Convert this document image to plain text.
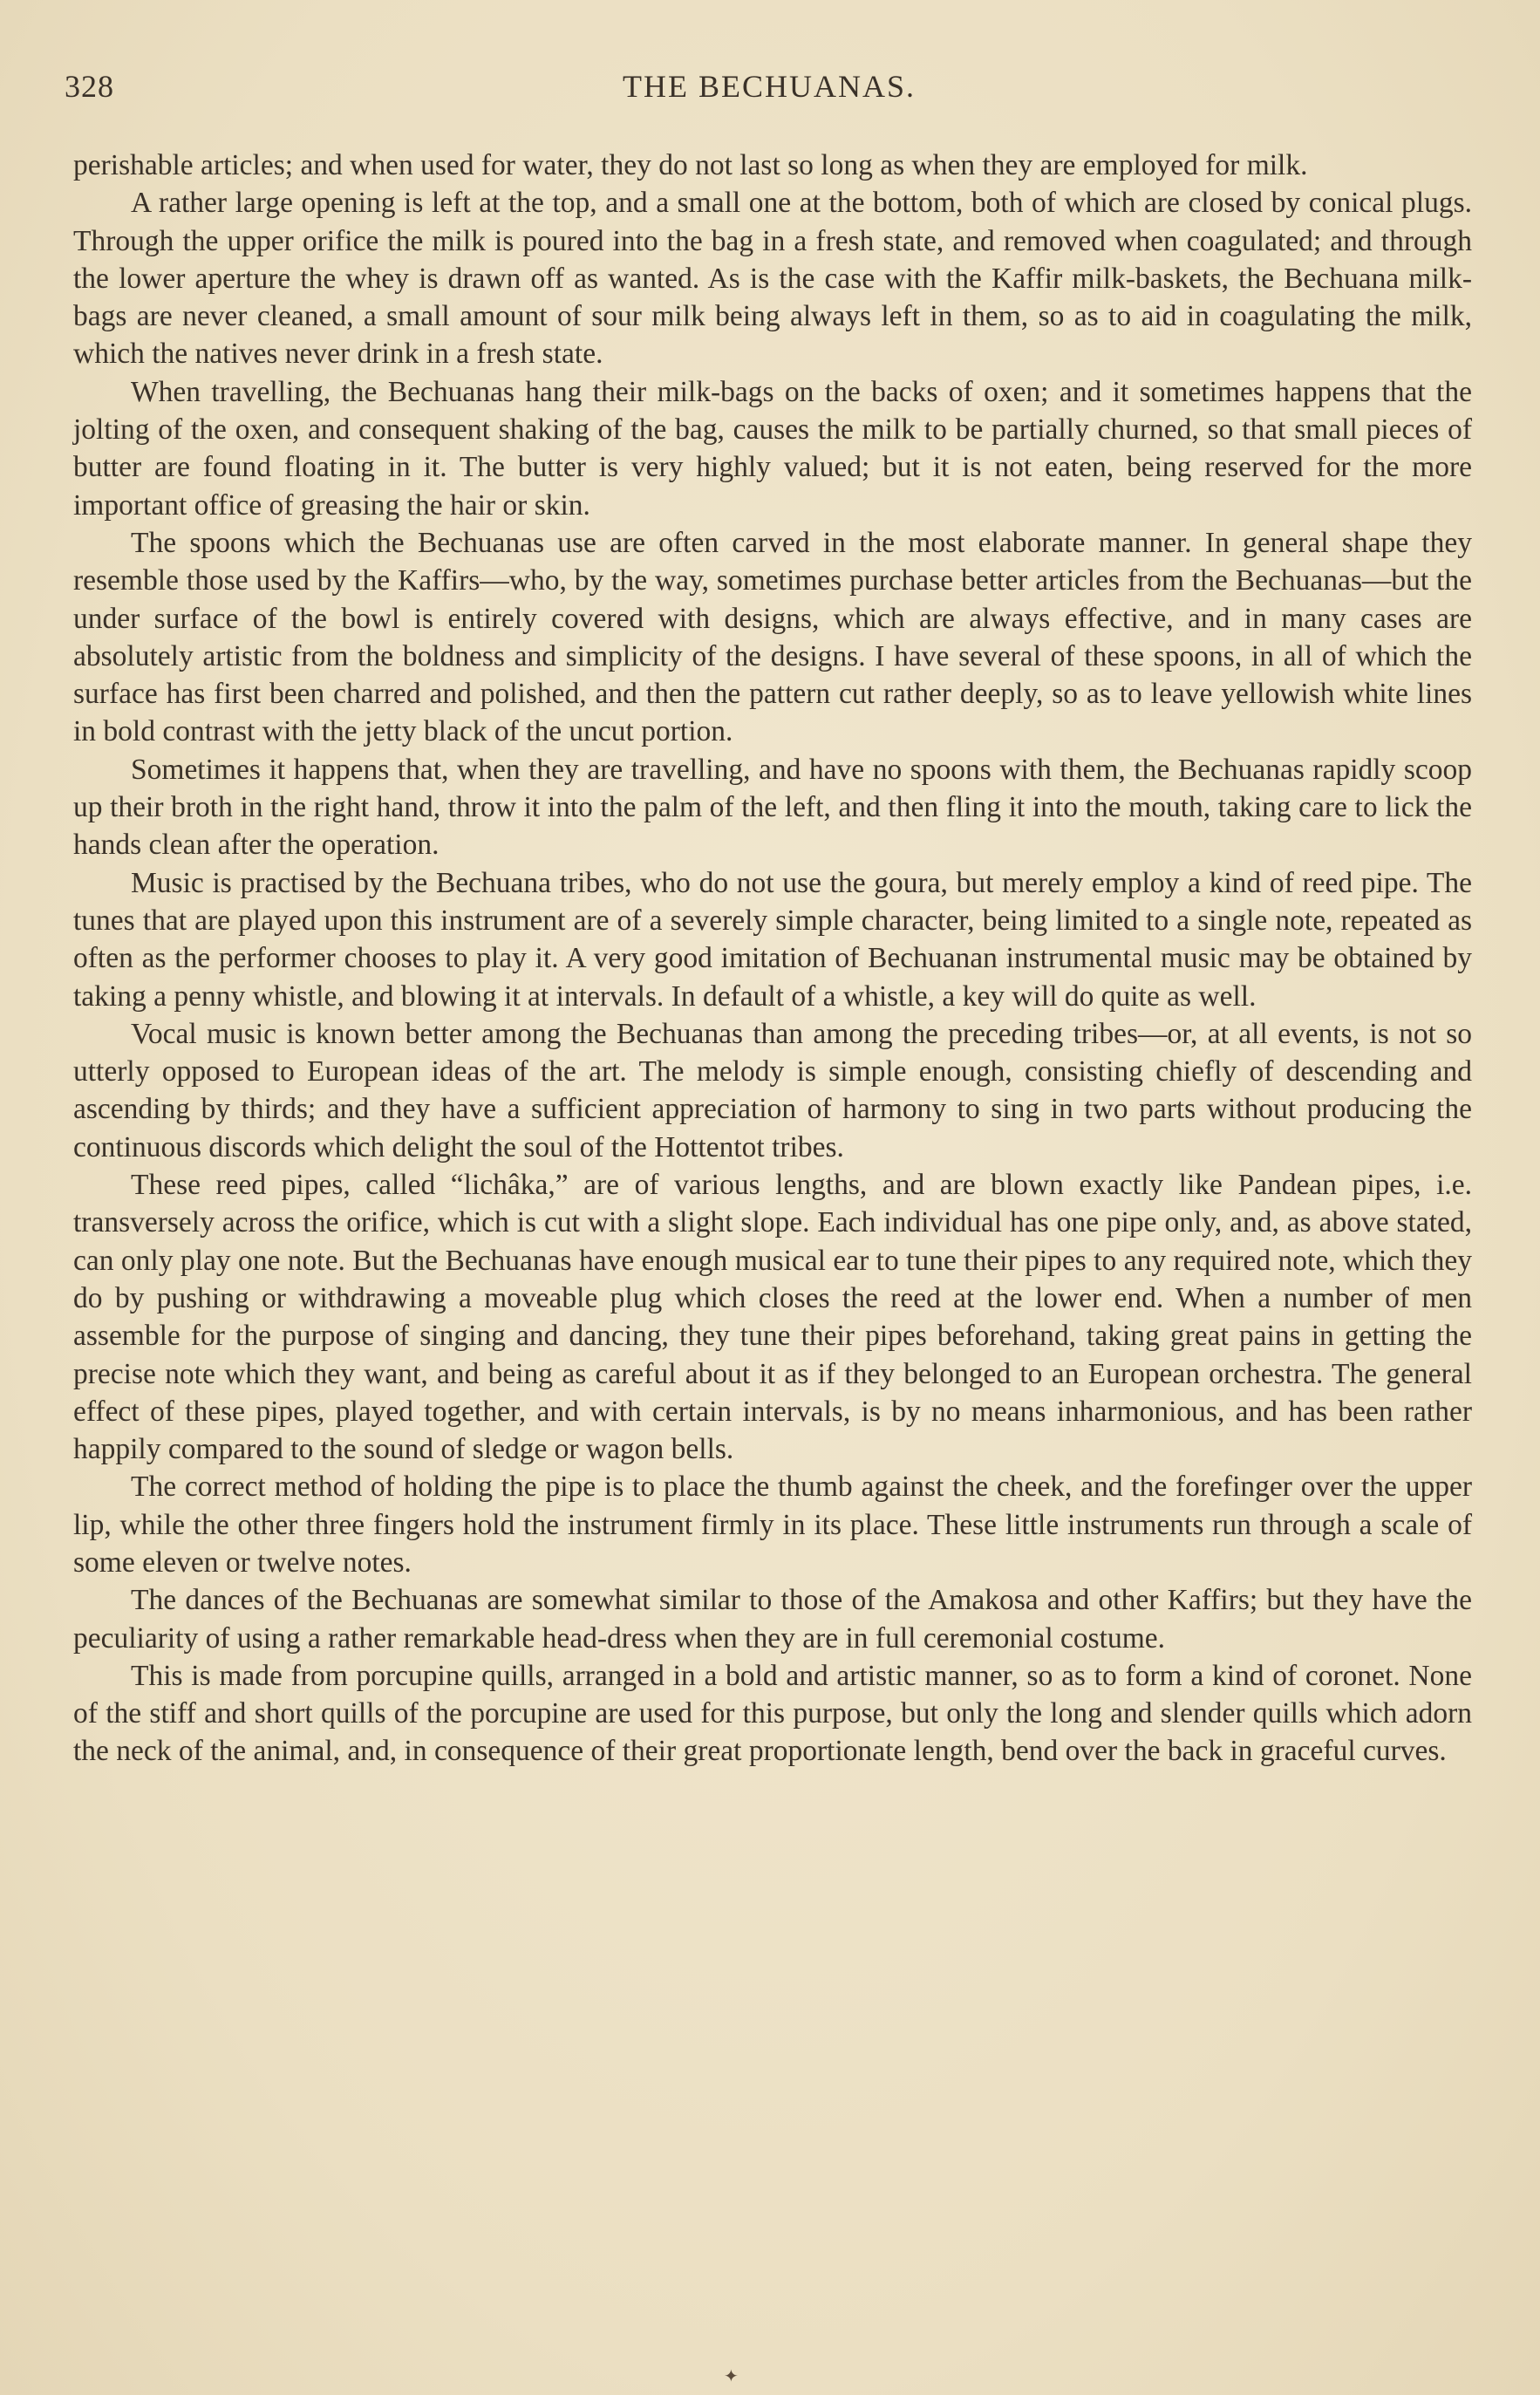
328	THE BECHUANAS.

perishable articles; and when used for water, they do not last so long as when they are employed for milk.

A rather large opening is left at the top, and a small one at the bottom, both of which are closed by conical plugs. Through the upper orifice the milk is poured into the bag in a fresh state, and removed when coagulated; and through the lower aperture the whey is drawn off as wanted. As is the case with the Kaffir milk-baskets, the Bechuana milk-bags are never cleaned, a small amount of sour milk being always left in them, so as to aid in coagulating the milk, which the natives never drink in a fresh state.

When travelling, the Bechuanas hang their milk-bags on the backs of oxen; and it sometimes happens that the jolting of the oxen, and consequent shaking of the bag, causes the milk to be partially churned, so that small pieces of butter are found floating in it. The butter is very highly valued; but it is not eaten, being reserved for the more important office of greasing the hair or skin.

The spoons which the Bechuanas use are often carved in the most elaborate manner. In general shape they resemble those used by the Kaffirs—who, by the way, sometimes purchase better articles from the Bechuanas—but the under surface of the bowl is entirely covered with designs, which are always effective, and in many cases are absolutely artistic from the boldness and simplicity of the designs. I have several of these spoons, in all of which the surface has first been charred and polished, and then the pattern cut rather deeply, so as to leave yellowish white lines in bold contrast with the jetty black of the uncut portion.

Sometimes it happens that, when they are travelling, and have no spoons with them, the Bechuanas rapidly scoop up their broth in the right hand, throw it into the palm of the left, and then fling it into the mouth, taking care to lick the hands clean after the operation.

Music is practised by the Bechuana tribes, who do not use the goura, but merely employ a kind of reed pipe. The tunes that are played upon this instrument are of a severely simple character, being limited to a single note, repeated as often as the performer chooses to play it. A very good imitation of Bechuanan instrumental music may be obtained by taking a penny whistle, and blowing it at intervals. In default of a whistle, a key will do quite as well.

Vocal music is known better among the Bechuanas than among the preceding tribes—or, at all events, is not so utterly opposed to European ideas of the art. The melody is simple enough, consisting chiefly of descending and ascending by thirds; and they have a sufficient appreciation of harmony to sing in two parts without producing the continuous discords which delight the soul of the Hottentot tribes.

These reed pipes, called “lichâka,” are of various lengths, and are blown exactly like Pandean pipes, i.e. transversely across the orifice, which is cut with a slight slope. Each individual has one pipe only, and, as above stated, can only play one note. But the Bechuanas have enough musical ear to tune their pipes to any required note, which they do by pushing or withdrawing a moveable plug which closes the reed at the lower end. When a number of men assemble for the purpose of singing and dancing, they tune their pipes beforehand, taking great pains in getting the precise note which they want, and being as careful about it as if they belonged to an European orchestra. The general effect of these pipes, played together, and with certain intervals, is by no means inharmonious, and has been rather happily compared to the sound of sledge or wagon bells.

The correct method of holding the pipe is to place the thumb against the cheek, and the forefinger over the upper lip, while the other three fingers hold the instrument firmly in its place. These little instruments run through a scale of some eleven or twelve notes.

The dances of the Bechuanas are somewhat similar to those of the Amakosa and other Kaffirs; but they have the peculiarity of using a rather remarkable head-dress when they are in full ceremonial costume.

This is made from porcupine quills, arranged in a bold and artistic manner, so as to form a kind of coronet. None of the stiff and short quills of the porcupine are used for this purpose, but only the long and slender quills which adorn the neck of the animal, and, in consequence of their great proportionate length, bend over the back in graceful curves.

✦
